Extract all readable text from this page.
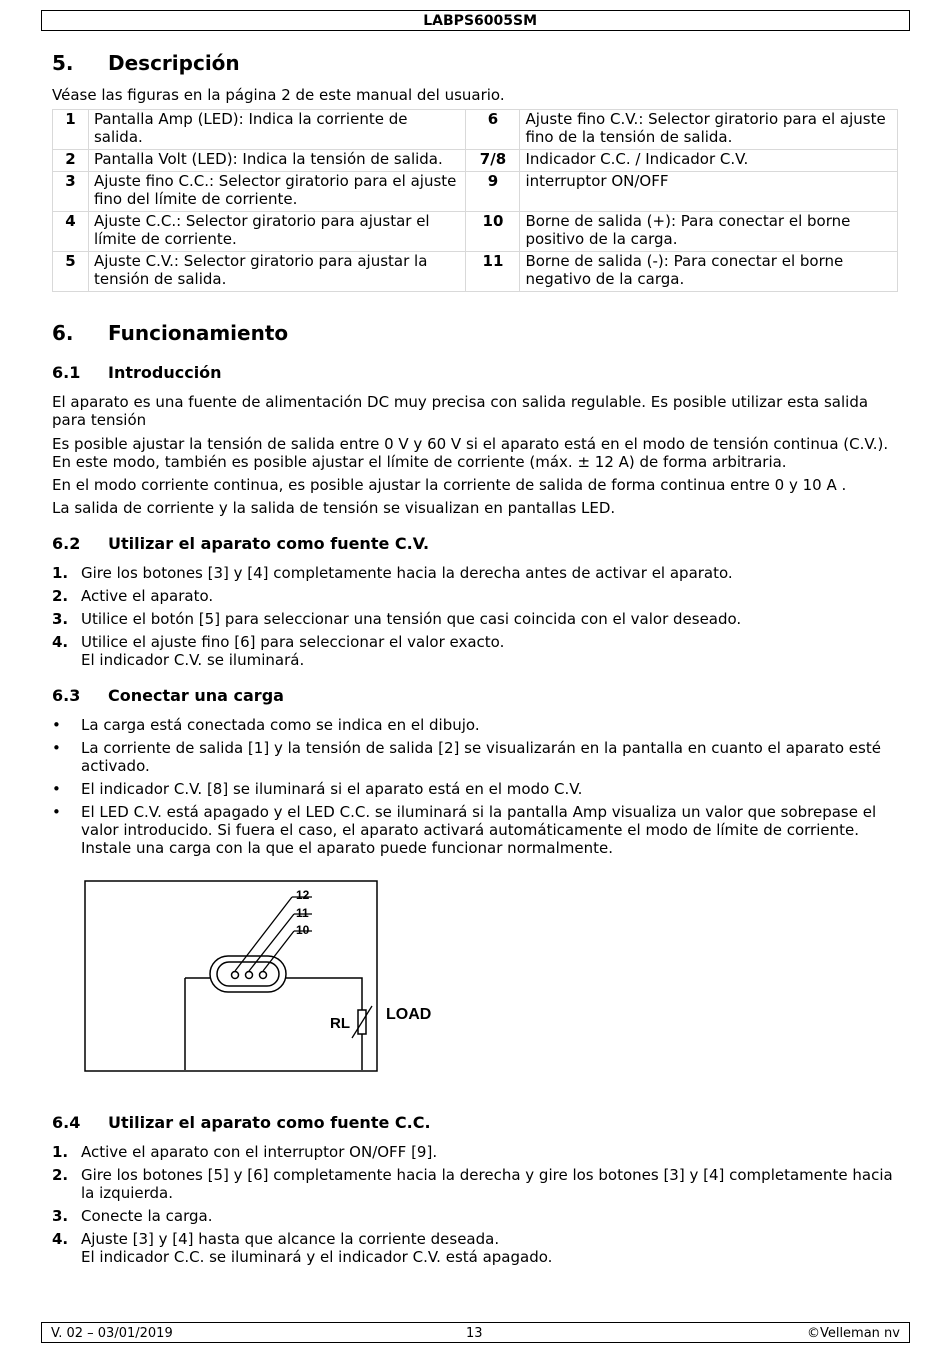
LABPS6005SM
5. Descripción

Véase las figuras en la página 2 de este manual del usuario.

1	Pantalla Amp (LED): Indica la corriente de salida.	6	Ajuste fino C.V.: Selector giratorio para el ajuste fino de la tensión de salida.
2	Pantalla Volt (LED): Indica la tensión de salida.	7/8	Indicador C.C. / Indicador C.V.
3	Ajuste fino C.C.: Selector giratorio para el ajuste fino del límite de corriente.	9	interruptor ON/OFF
4	Ajuste C.C.: Selector giratorio para ajustar el límite de corriente.	10	Borne de salida (+): Para conectar el borne positivo de la carga.
5	Ajuste C.V.: Selector giratorio para ajustar la tensión de salida.	11	Borne de salida (-): Para conectar el borne negativo de la carga.
6. Funcionamiento
6.1 Introducción

El aparato es una fuente de alimentación DC muy precisa con salida regulable. Es posible utilizar esta salida para tensión

Es posible ajustar la tensión de salida entre 0 V y 60 V si el aparato está en el modo de tensión continua (C.V.). En este modo, también es posible ajustar el límite de corriente (máx. ± 12 A) de forma arbitraria.

En el modo corriente continua, es posible ajustar la corriente de salida de forma continua entre 0 y 10 A .

La salida de corriente y la salida de tensión se visualizan en pantallas LED.

6.2 Utilizar el aparato como fuente C.V.
1. Gire los botones [3] y [4] completamente hacia la derecha antes de activar el aparato.
2. Active el aparato.
3. Utilice el botón [5] para seleccionar una tensión que casi coincida con el valor deseado.
4. Utilice el ajuste fino [6] para seleccionar el valor exacto.
El indicador C.V. se iluminará.
6.3 Conectar una carga
• La carga está conectada como se indica en el dibujo.
• La corriente de salida [1] y la tensión de salida [2] se visualizarán en la pantalla en cuanto el aparato esté activado.
• El indicador C.V. [8] se iluminará si el aparato está en el modo C.V.
• El LED C.V. está apagado y el LED C.C. se iluminará si la pantalla Amp visualiza un valor que sobrepase el valor introducido. Si fuera el caso, el aparato activará automáticamente el modo de límite de corriente. Instale una carga con la que el aparato puede funcionar normalmente.
6.4 Utilizar el aparato como fuente C.C.
1. Active el aparato con el interruptor ON/OFF [9].
2. Gire los botones [5] y [6] completamente hacia la derecha y gire los botones [3] y [4] completamente hacia la izquierda.
3. Conecte la carga.
4. Ajuste [3] y [4] hasta que alcance la corriente deseada.
El indicador C.C. se iluminará y el indicador C.V. está apagado.
12
11
10
RL
LOAD
V. 02 – 03/01/2019	13	©Velleman nv
